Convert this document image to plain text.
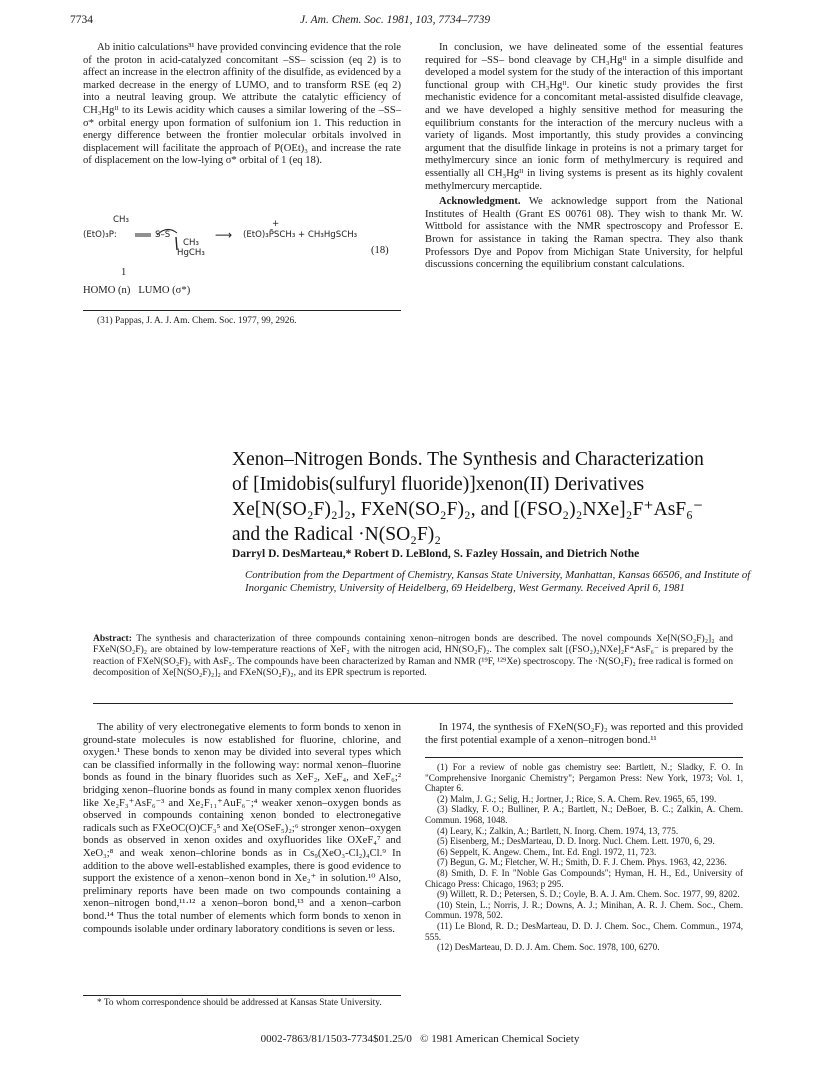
7734	J. Am. Chem. Soc. 1981, 103, 7734–7739

Ab initio calculations³¹ have provided convincing evidence that the role of the proton in acid-catalyzed concomitant –SS– scission (eq 2) is to affect an increase in the electron affinity of the disulfide, as evidenced by a marked decrease in the energy of LUMO, and to transform RSE (eq 2) into a neutral leaving group. We attribute the catalytic efficiency of CH₃Hgᴵᴵ to its Lewis acidity which causes a similar lowering of the –SS– σ* orbital energy upon formation of sulfonium ion 1. This reduction in energy difference between the frontier molecular orbitals involved in displacement will facilitate the approach of P(OEt)₃ and increase the rate of displacement on the low-lying σ* orbital of 1 (eq 18).

CH₃
(EtO)₃P:	S–S
CH₃
HgCH₃
⟶
+
(EtO)₃P̄SCH₃ + CH₃HgSCH₃
(18)
1
HOMO (n)   LUMO (σ*)
(31) Pappas, J. A. J. Am. Chem. Soc. 1977, 99, 2926.

In conclusion, we have delineated some of the essential features required for –SS– bond cleavage by CH₃Hgᴵᴵ in a simple disulfide and developed a model system for the study of the interaction of this important functional group with CH₃Hgᴵᴵ. Our kinetic study provides the first mechanistic evidence for a concomitant metal-assisted disulfide cleavage, and we have developed a highly sensitive method for measuring the equilibrium constants for the interaction of the mercury nucleus with a variety of ligands. Most importantly, this study provides a convincing argument that the disulfide linkage in proteins is not a primary target for methylmercury since an ionic form of methylmercury is required and essentially all CH₃Hgᴵᴵ in living systems is present as its highly covalent methylmercury mercaptide.

Acknowledgment. We acknowledge support from the National Institutes of Health (Grant ES 00761 08). They wish to thank Mr. W. Wittbold for assistance with the NMR spectroscopy and Professor E. Brown for assistance in taking the Raman spectra. They also thank Professors Dye and Popov from Michigan State University, for helpful discussions concerning the equilibrium constant calculations.

Xenon–Nitrogen Bonds. The Synthesis and Characterization
of [Imidobis(sulfuryl fluoride)]xenon(II) Derivatives
Xe[N(SO₂F)₂]₂, FXeN(SO₂F)₂, and [(FSO₂)₂NXe]₂F⁺AsF₆⁻
and the Radical ·N(SO₂F)₂
Darryl D. DesMarteau,* Robert D. LeBlond, S. Fazley Hossain, and Dietrich Nothe
Contribution from the Department of Chemistry, Kansas State University, Manhattan, Kansas 66506, and Institute of Inorganic Chemistry, University of Heidelberg, 69 Heidelberg, West Germany. Received April 6, 1981
Abstract: The synthesis and characterization of three compounds containing xenon–nitrogen bonds are described. The novel compounds Xe[N(SO₂F)₂]₂ and FXeN(SO₂F)₂ are obtained by low-temperature reactions of XeF₂ with the nitrogen acid, HN(SO₂F)₂. The complex salt [(FSO₂)₂NXe]₂F⁺AsF₆⁻ is prepared by the reaction of FXeN(SO₂F)₂ with AsF₅. The compounds have been characterized by Raman and NMR (¹⁹F, ¹²⁹Xe) spectroscopy. The ·N(SO₂F)₂ free radical is formed on decomposition of Xe[N(SO₂F)₂]₂ and FXeN(SO₂F)₂, and its EPR spectrum is reported.

The ability of very electronegative elements to form bonds to xenon in ground-state molecules is now established for fluorine, chlorine, and oxygen.¹ These bonds to xenon may be divided into several types which can be classified informally in the following way: normal xenon–fluorine bonds as found in the binary fluorides such as XeF₂, XeF₄, and XeF₆;² bridging xenon–fluorine bonds as found in many complex xenon fluorides like Xe₂F₃⁺AsF₆⁻³ and Xe₂F₁₁⁺AuF₆⁻;⁴ weaker xenon–oxygen bonds as observed in compounds containing xenon bonded to electronegative radicals such as FXeOC(O)CF₃⁵ and Xe(OSeF₅)₂;⁶ stronger xenon–oxygen bonds as observed in xenon oxides and oxyfluorides like OXeF₄⁷ and XeO₃;⁸ and weak xenon–chlorine bonds as in Cs₉(XeO₃-Cl₂)₄Cl.⁹ In addition to the above well-established examples, there is good evidence to support the existence of a xenon–xenon bond in Xe₂⁺ in solution.¹⁰ Also, preliminary reports have been made on two compounds containing a xenon–nitrogen bond,¹¹·¹² a xenon–boron bond,¹³ and a xenon–carbon bond.¹⁴ Thus the total number of elements which form bonds to xenon in compounds isolable under ordinary laboratory conditions is seven or less.

* To whom correspondence should be addressed at Kansas State University.

In 1974, the synthesis of FXeN(SO₂F)₂ was reported and this provided the first potential example of a xenon–nitrogen bond.¹¹

(1) For a review of noble gas chemistry see: Bartlett, N.; Sladky, F. O. In "Comprehensive Inorganic Chemistry"; Pergamon Press: New York, 1973; Vol. 1, Chapter 6.

(2) Malm, J. G.; Selig, H.; Jortner, J.; Rice, S. A. Chem. Rev. 1965, 65, 199.

(3) Sladky, F. O.; Bulliner, P. A.; Bartlett, N.; DeBoer, B. C.; Zalkin, A. Chem. Commun. 1968, 1048.

(4) Leary, K.; Zalkin, A.; Bartlett, N. Inorg. Chem. 1974, 13, 775.

(5) Eisenberg, M.; DesMarteau, D. D. Inorg. Nucl. Chem. Lett. 1970, 6, 29.

(6) Seppelt, K. Angew. Chem., Int. Ed. Engl. 1972, 11, 723.

(7) Begun, G. M.; Fletcher, W. H.; Smith, D. F. J. Chem. Phys. 1963, 42, 2236.

(8) Smith, D. F. In "Noble Gas Compounds"; Hyman, H. H., Ed., University of Chicago Press: Chicago, 1963; p 295.

(9) Willett, R. D.; Petersen, S. D.; Coyle, B. A. J. Am. Chem. Soc. 1977, 99, 8202.

(10) Stein, L.; Norris, J. R.; Downs, A. J.; Minihan, A. R. J. Chem. Soc., Chem. Commun. 1978, 502.

(11) Le Blond, R. D.; DesMarteau, D. D. J. Chem. Soc., Chem. Commun., 1974, 555.

(12) DesMarteau, D. D. J. Am. Chem. Soc. 1978, 100, 6270.

0002-7863/81/1503-7734$01.25/0   © 1981 American Chemical Society
